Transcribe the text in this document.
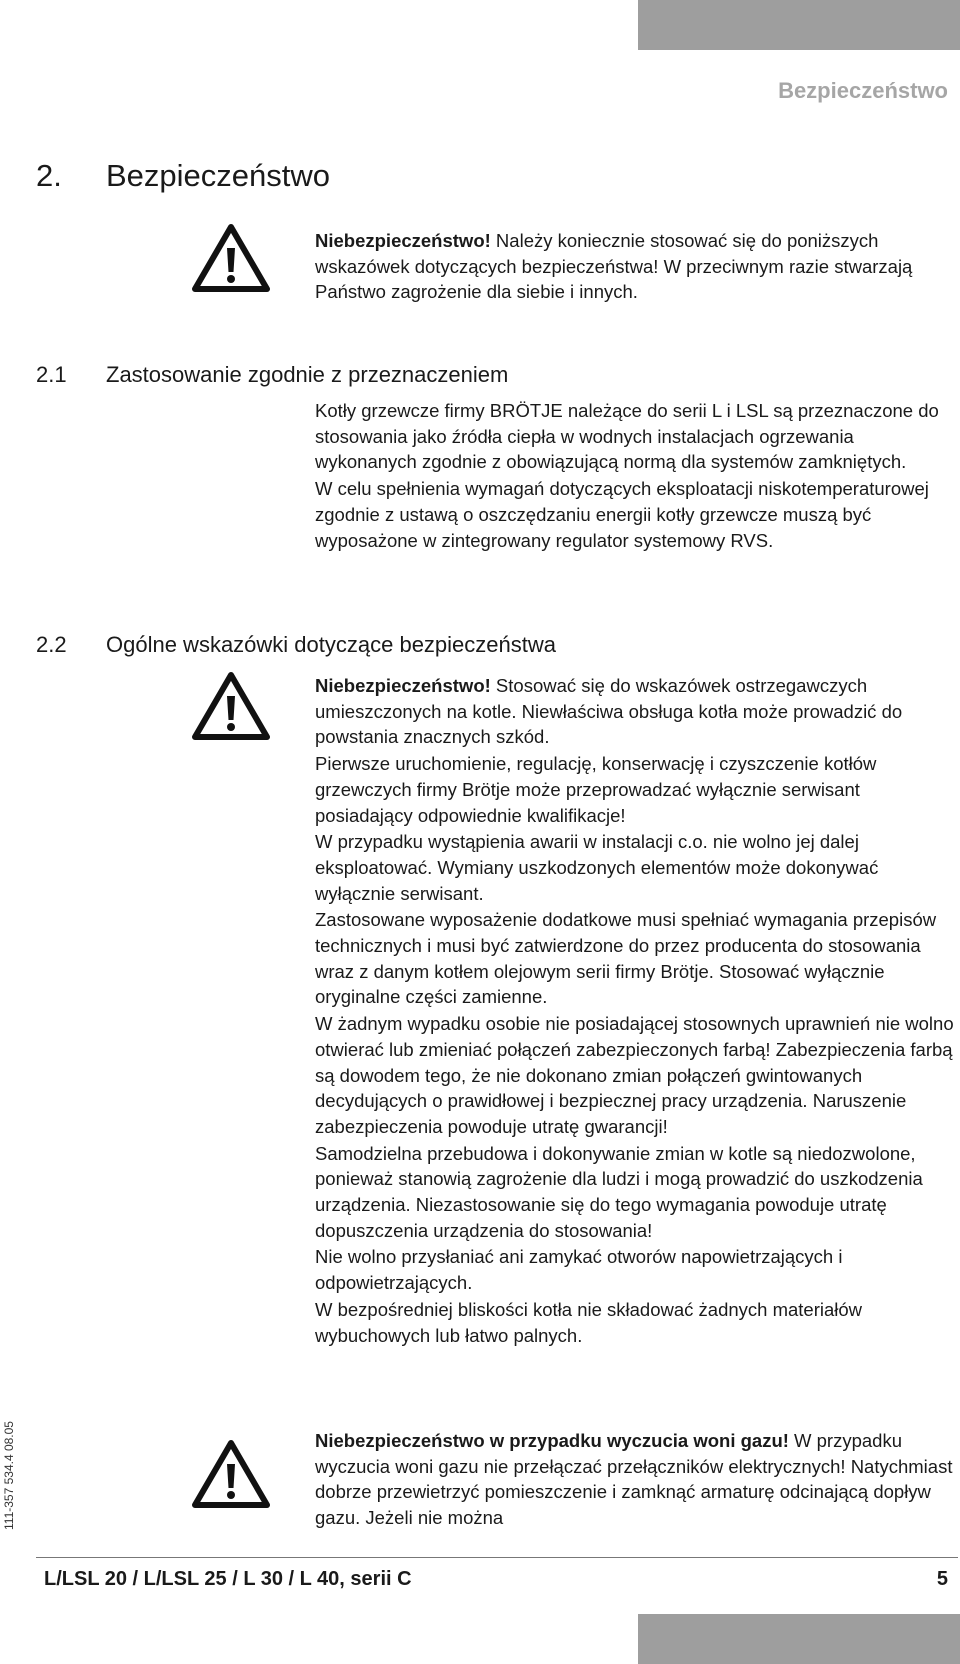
Bezpieczeństwo
2. Bezpieczeństwo

Niebezpieczeństwo! Należy koniecznie stosować się do poniższych wskazówek dotyczących bezpieczeństwa! W przeciwnym razie stwarzają Państwo zagrożenie dla siebie i innych.

2.1 Zastosowanie zgodnie z przeznaczeniem

Kotły grzewcze firmy BRÖTJE należące do serii L i LSL są przeznaczone do stosowania jako źródła ciepła w wodnych instalacjach ogrzewania wykonanych zgodnie z obowiązującą normą dla systemów zamkniętych.

W celu spełnienia wymagań dotyczących eksploatacji niskotemperaturowej zgodnie z ustawą o oszczędzaniu energii kotły grzewcze muszą być wyposażone w zintegrowany regulator systemowy RVS.

2.2 Ogólne wskazówki dotyczące bezpieczeństwa

Niebezpieczeństwo! Stosować się do wskazówek ostrzegawczych umieszczonych na kotle. Niewłaściwa obsługa kotła może prowadzić do powstania znacznych szkód.

Pierwsze uruchomienie, regulację, konserwację i czyszczenie kotłów grzewczych firmy Brötje może przeprowadzać wyłącznie serwisant posiadający odpowiednie kwalifikacje!

W przypadku wystąpienia awarii w instalacji c.o. nie wolno jej dalej eksploatować. Wymiany uszkodzonych elementów może dokonywać wyłącznie serwisant.

Zastosowane wyposażenie dodatkowe musi spełniać wymagania przepisów technicznych i musi być zatwierdzone do przez producenta do stosowania wraz z danym kotłem olejowym serii firmy Brötje. Stosować wyłącznie oryginalne części zamienne.

W żadnym wypadku osobie nie posiadającej stosownych uprawnień nie wolno otwierać lub zmieniać połączeń zabezpieczonych farbą! Zabezpieczenia farbą są dowodem tego, że nie dokonano zmian połączeń gwintowanych decydujących o prawidłowej i bezpiecznej pracy urządzenia. Naruszenie zabezpieczenia powoduje utratę gwarancji!

Samodzielna przebudowa i dokonywanie zmian w kotle są niedozwolone, ponieważ stanowią zagrożenie dla ludzi i mogą prowadzić do uszkodzenia urządzenia. Niezastosowanie się do tego wymagania powoduje utratę dopuszczenia urządzenia do stosowania!

Nie wolno przysłaniać ani zamykać otworów napowietrzających i odpowietrzających.

W bezpośredniej bliskości kotła nie składować żadnych materiałów wybuchowych lub łatwo palnych.

Niebezpieczeństwo w przypadku wyczucia woni gazu! W przypadku wyczucia woni gazu nie przełączać przełączników elektrycznych! Natychmiast dobrze przewietrzyć pomieszczenie i zamknąć armaturę odcinającą dopływ gazu. Jeżeli nie można

111-357 534.4 08.05
L/LSL 20 / L/LSL 25 / L 30 / L 40, serii C	5
